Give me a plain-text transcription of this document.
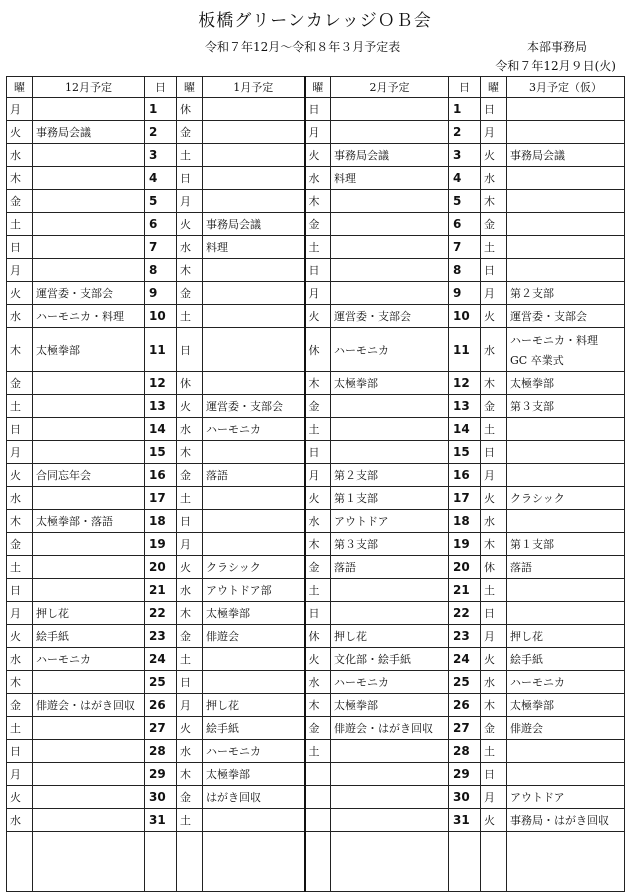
板橋グリーンカレッジＯＢ会
令和７年12月～令和８年３月予定表	本部事務局
令和７年12月９日(火)
曜	12月予定	日	曜	1月予定	曜	2月予定	日	曜	3月予定（仮）
月		1	休		日		1	日	
火	事務局会議	2	金		月		2	月	
水		3	土		火	事務局会議	3	火	事務局会議
木		4	日		水	料理	4	水	
金		5	月		木		5	木	
土		6	火	事務局会議	金		6	金	
日		7	水	料理	土		7	土	
月		8	木		日		8	日	
火	運営委・支部会	9	金		月		9	月	第２支部
水	ハーモニカ・料理	10	土		火	運営委・支部会	10	火	運営委・支部会
木	太極拳部	11	日		休	ハーモニカ	11	水	ハーモニカ・料理
GC 卒業式

金		12	休		木	太極拳部	12	木	太極拳部
土		13	火	運営委・支部会	金		13	金	第３支部
日		14	水	ハーモニカ	土		14	土	
月		15	木		日		15	日	
火	合同忘年会	16	金	落語	月	第２支部	16	月	
水		17	土		火	第１支部	17	火	クラシック
木	太極拳部・落語	18	日		水	アウトドア	18	水	
金		19	月		木	第３支部	19	木	第１支部
土		20	火	クラシック	金	落語	20	休	落語
日		21	水	アウトドア部	土		21	土	
月	押し花	22	木	太極拳部	日		22	日	
火	絵手紙	23	金	俳遊会	休	押し花	23	月	押し花
水	ハーモニカ	24	土		火	文化部・絵手紙	24	火	絵手紙
木		25	日		水	ハーモニカ	25	水	ハーモニカ
金	俳遊会・はがき回収	26	月	押し花	木	太極拳部	26	木	太極拳部
土		27	火	絵手紙	金	俳遊会・はがき回収	27	金	俳遊会
日		28	水	ハーモニカ	土		28	土	
月		29	木	太極拳部			29	日	
火		30	金	はがき回収			30	月	アウトドア
水		31	土				31	火	事務局・はがき回収
